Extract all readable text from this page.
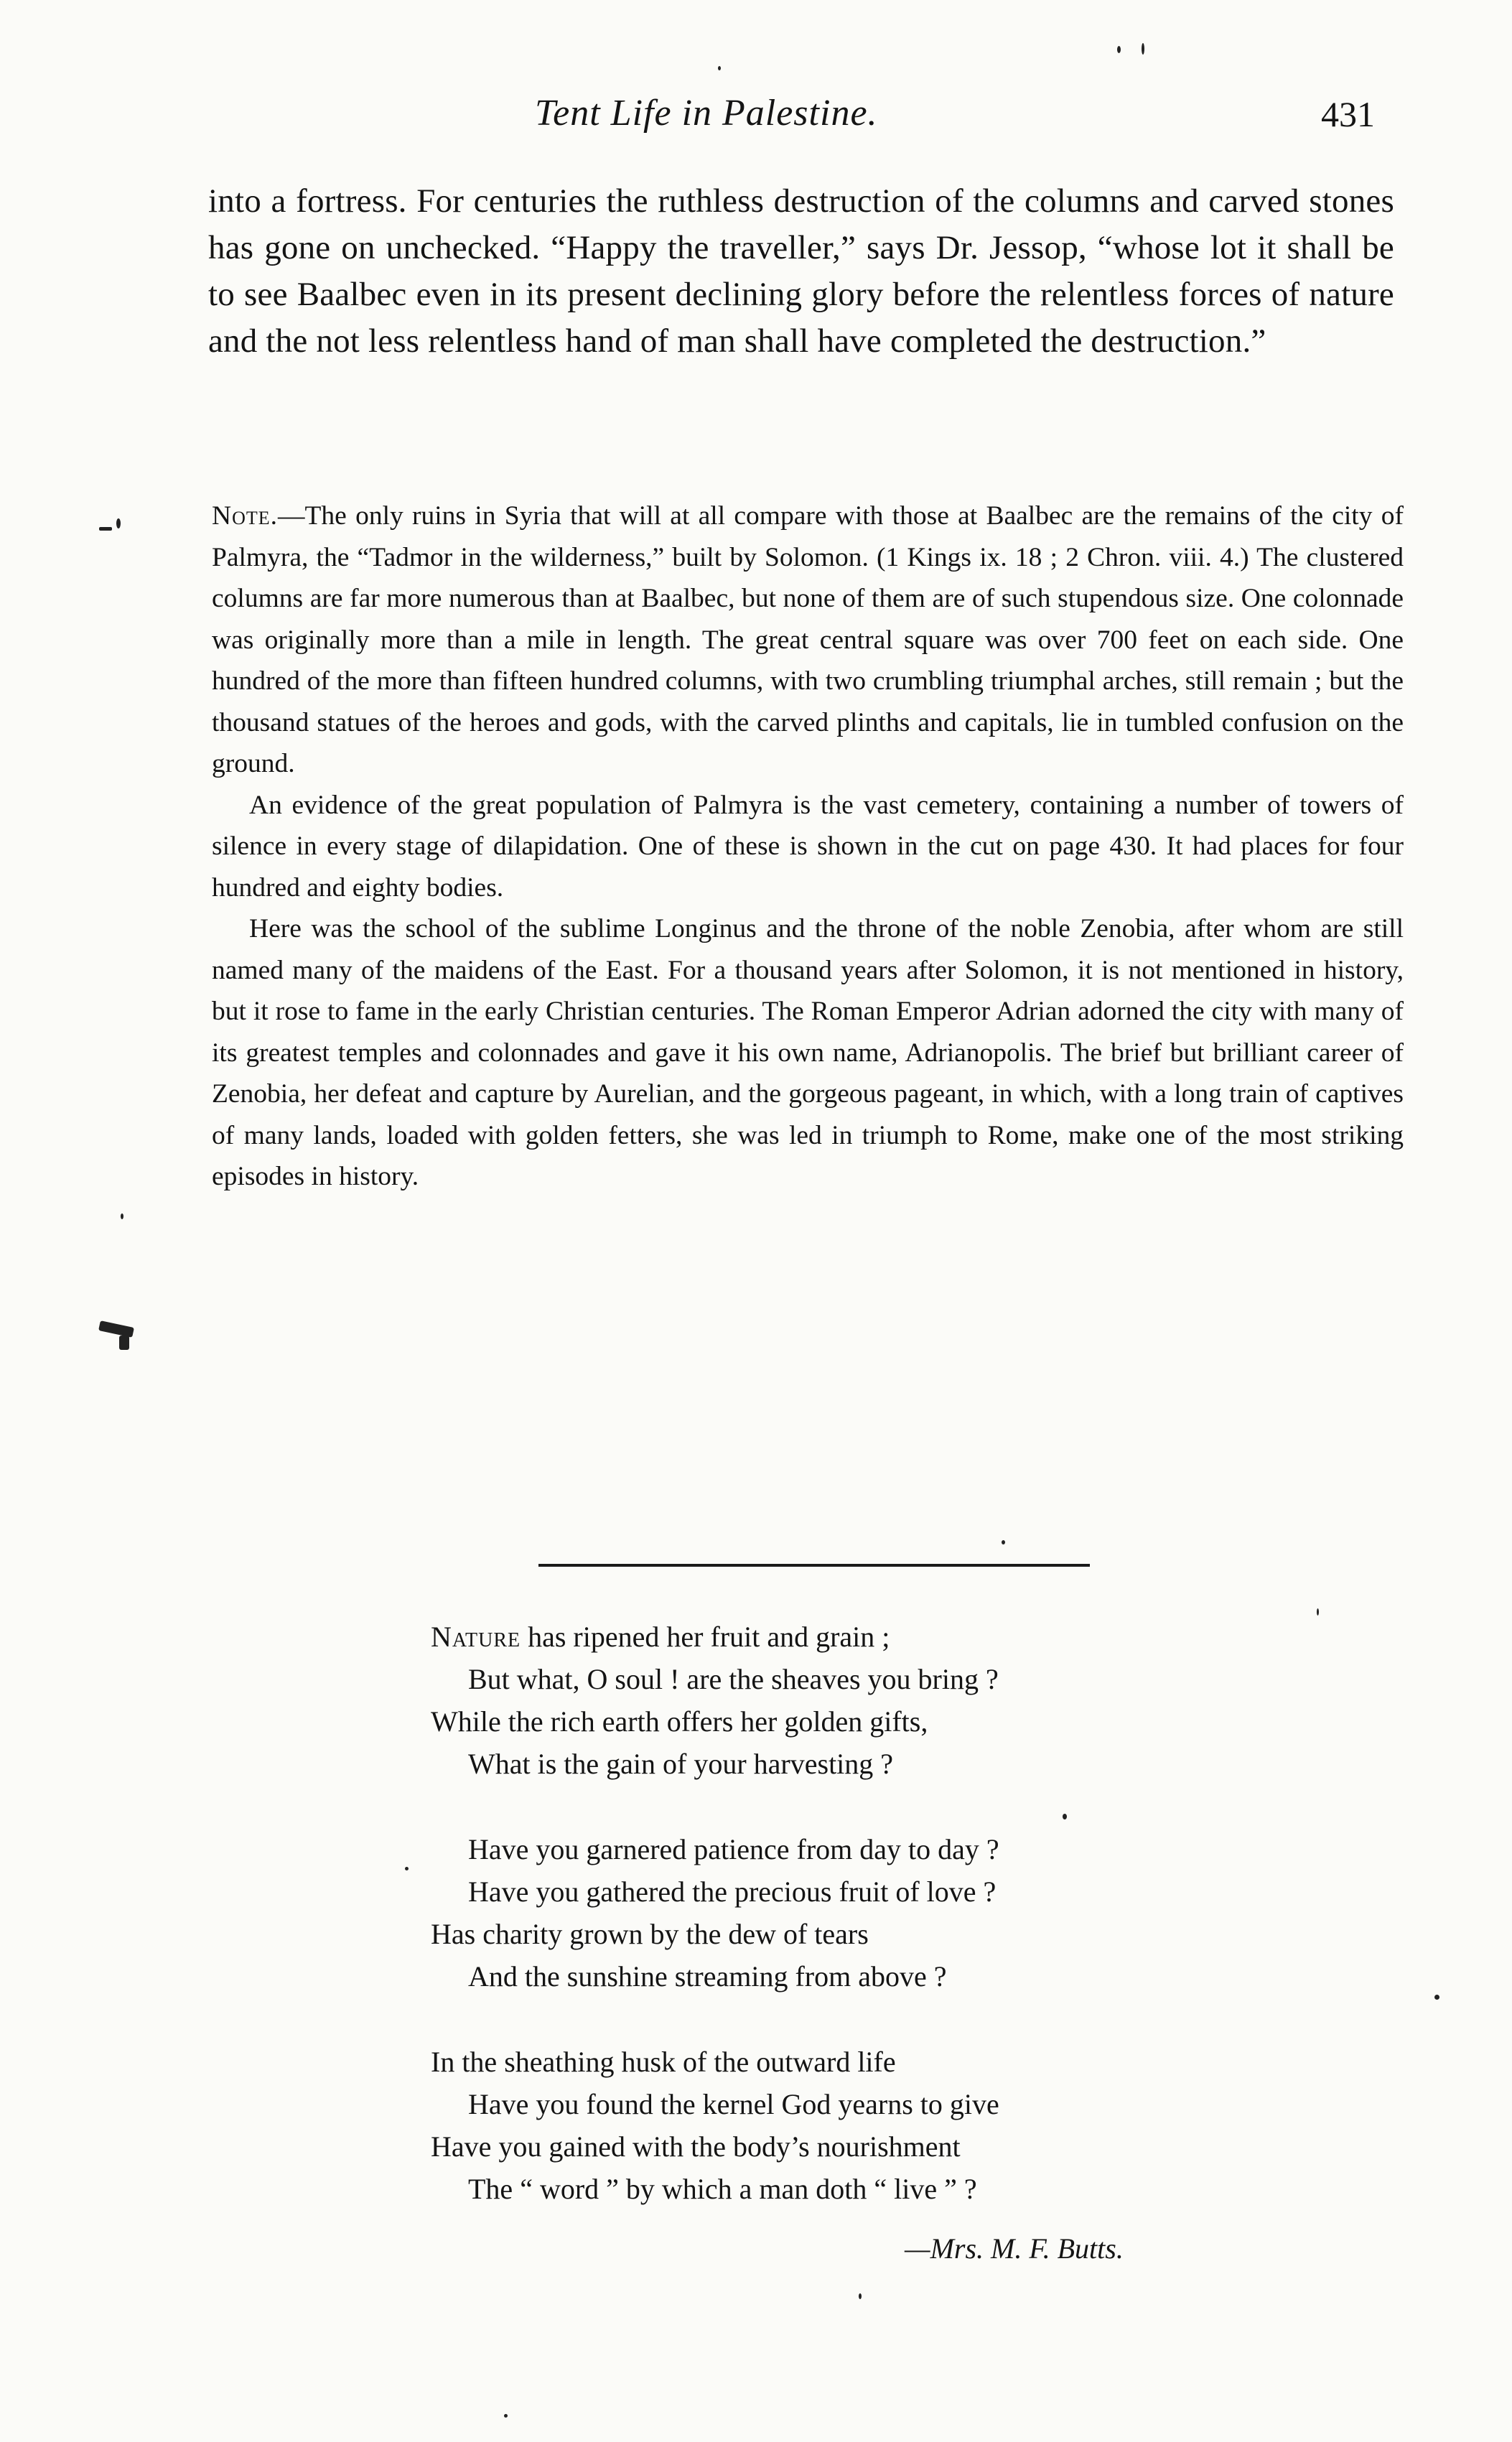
Tent Life in Palestine.	431

into a fortress. For centuries the ruthless destruction of the columns and carved stones has gone on unchecked. “Happy the traveller,” says Dr. Jessop, “whose lot it shall be to see Baalbec even in its present declining glory before the relentless forces of nature and the not less relentless hand of man shall have completed the destruction.”

Note.—The only ruins in Syria that will at all compare with those at Baalbec are the remains of the city of Palmyra, the “Tadmor in the wilderness,” built by Solomon. (1 Kings ix. 18 ; 2 Chron. viii. 4.) The clustered columns are far more numerous than at Baalbec, but none of them are of such stupendous size. One colonnade was originally more than a mile in length. The great central square was over 700 feet on each side. One hundred of the more than fifteen hundred columns, with two crumbling triumphal arches, still remain ; but the thousand statues of the heroes and gods, with the carved plinths and capitals, lie in tumbled confusion on the ground.

An evidence of the great population of Palmyra is the vast cemetery, containing a number of towers of silence in every stage of dilapidation. One of these is shown in the cut on page 430. It had places for four hundred and eighty bodies.

Here was the school of the sublime Longinus and the throne of the noble Zenobia, after whom are still named many of the maidens of the East. For a thousand years after Solomon, it is not mentioned in history, but it rose to fame in the early Christian centuries. The Roman Emperor Adrian adorned the city with many of its greatest temples and colonnades and gave it his own name, Adrianopolis. The brief but brilliant career of Zenobia, her defeat and capture by Aurelian, and the gorgeous pageant, in which, with a long train of captives of many lands, loaded with golden fetters, she was led in triumph to Rome, make one of the most striking episodes in history.

Nature has ripened her fruit and grain ;
But what, O soul ! are the sheaves you bring ?
While the rich earth offers her golden gifts,
What is the gain of your harvesting ?
Have you garnered patience from day to day ?
Have you gathered the precious fruit of love ?
Has charity grown by the dew of tears
And the sunshine streaming from above ?
In the sheathing husk of the outward life
Have you found the kernel God yearns to give
Have you gained with the body’s nourishment
The “ word ” by which a man doth “ live ” ?
—Mrs. M. F. Butts.
